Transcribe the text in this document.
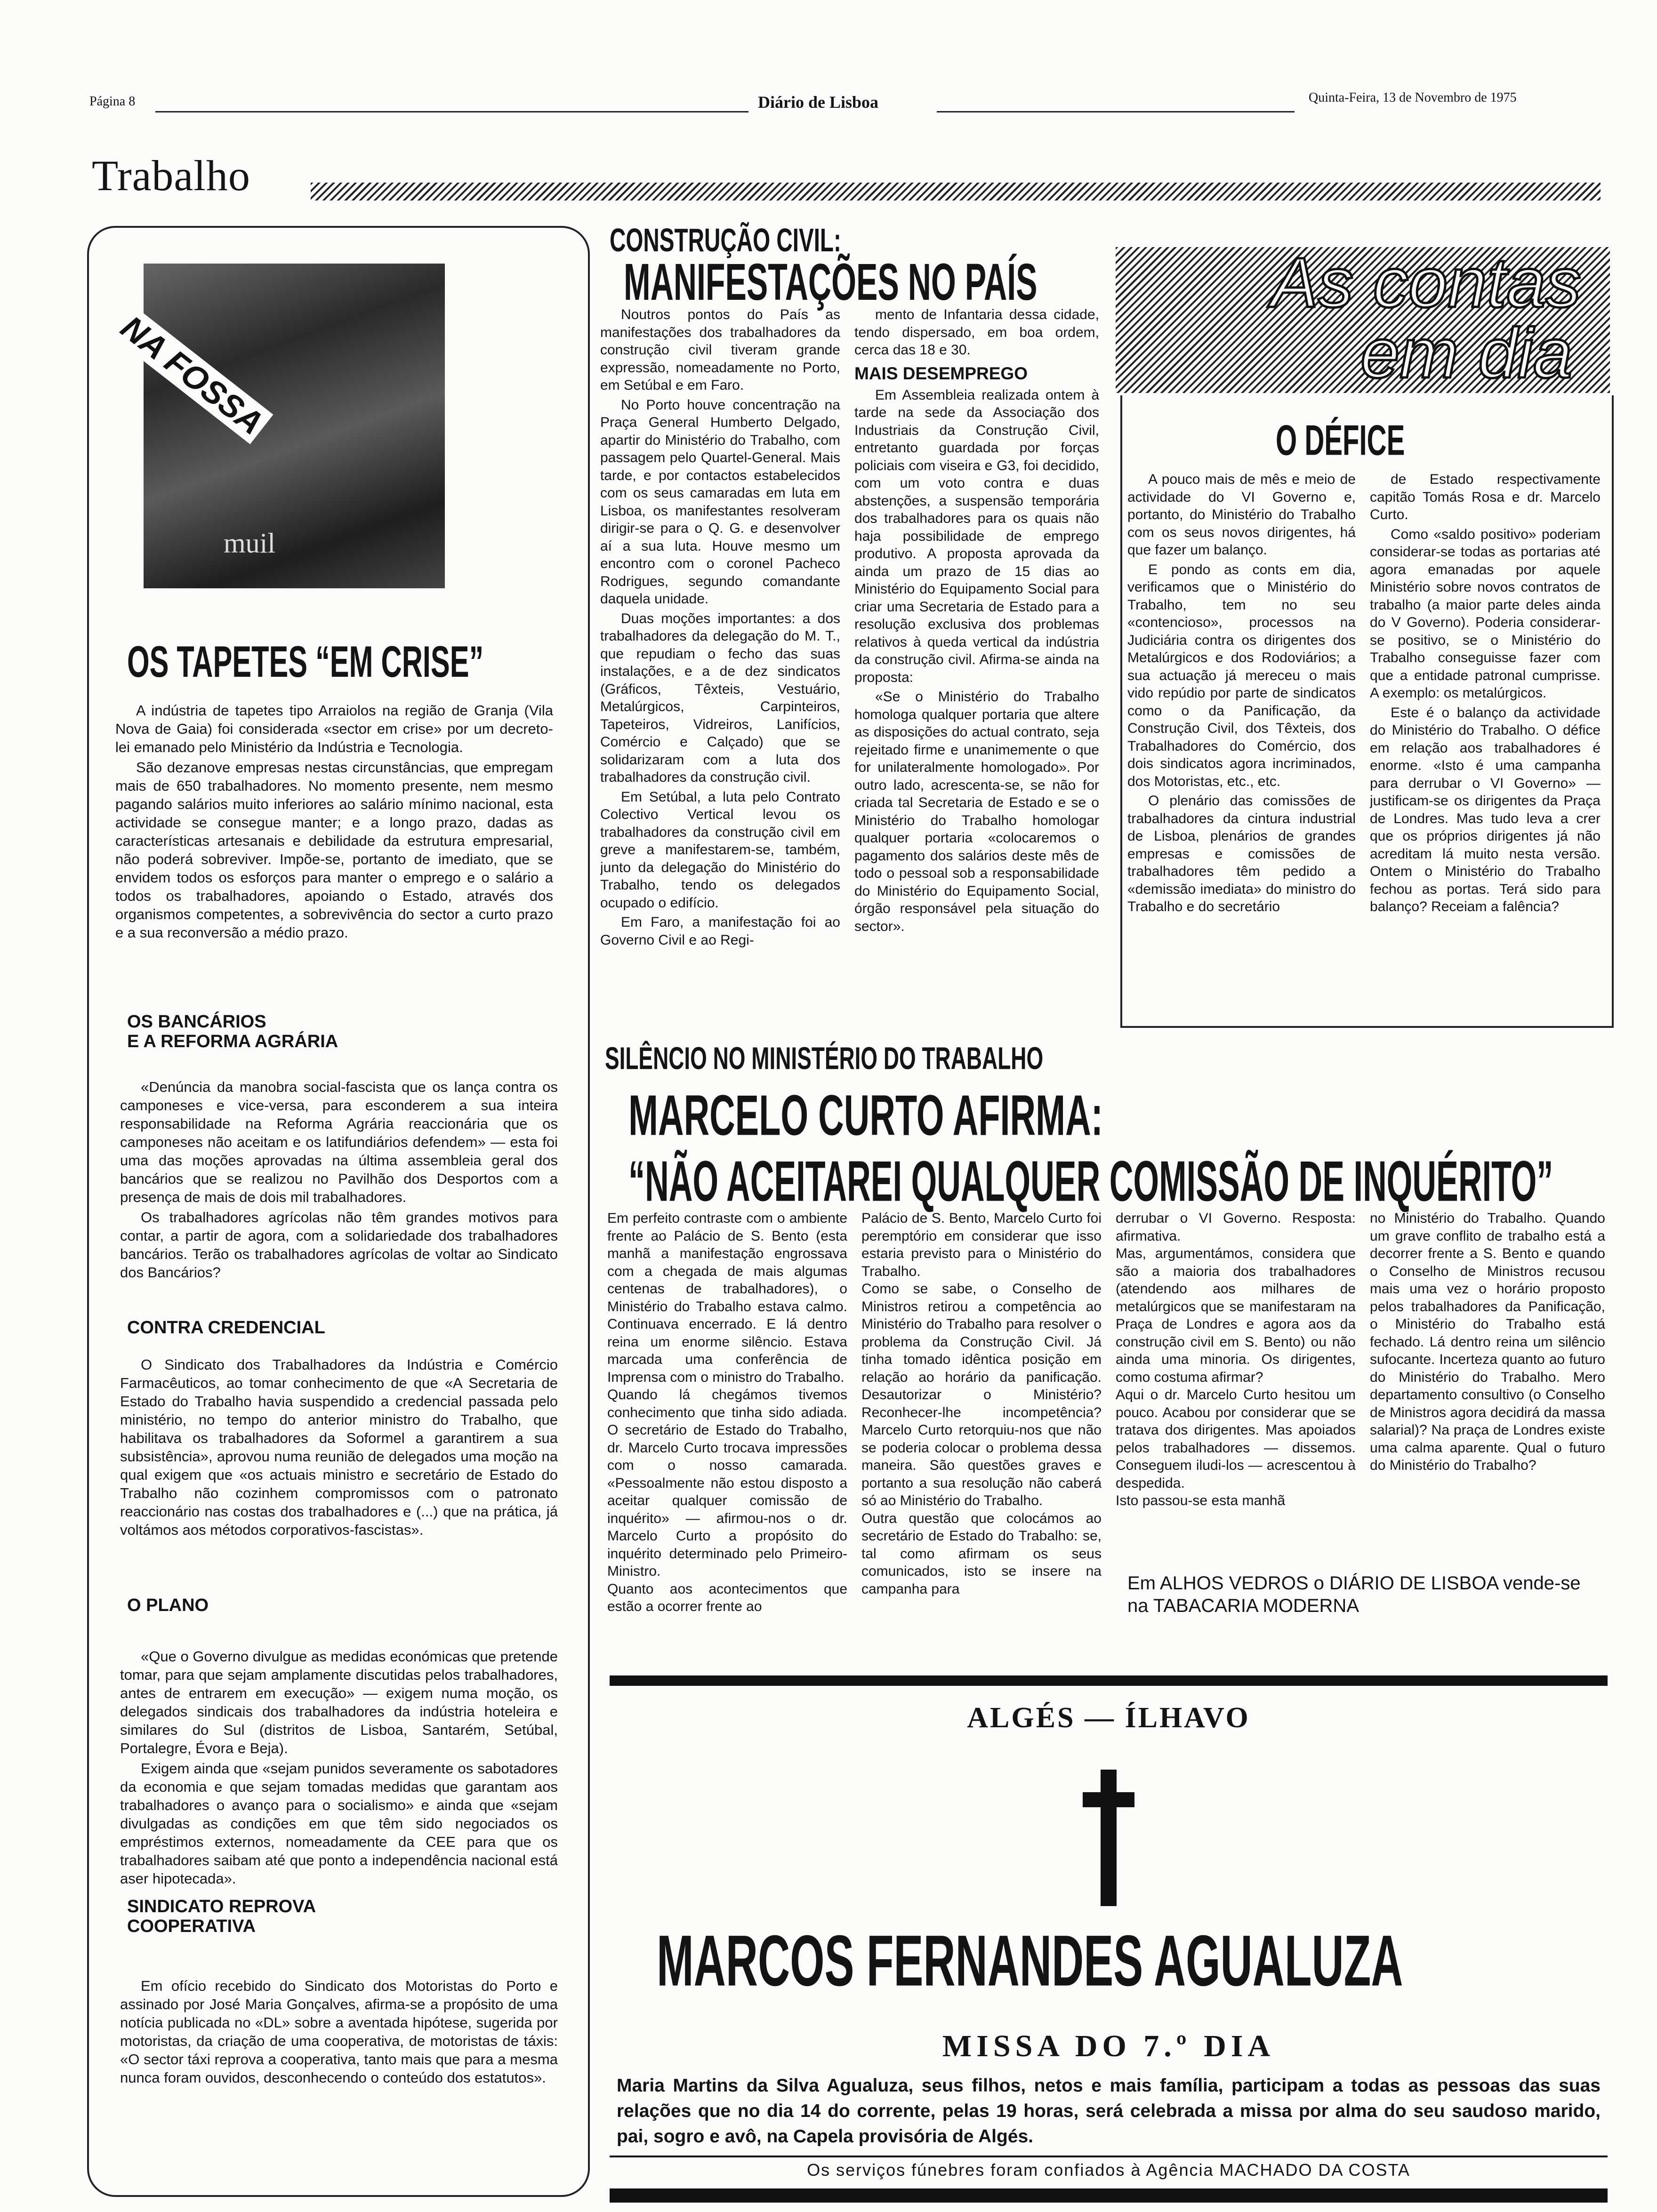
Página 8	Diário de Lisboa	Quinta-Feira, 13 de Novembro de 1975
Trabalho
NA FOSSA
muil
OS TAPETES “EM CRISE”

A indústria de tapetes tipo Arraiolos na região de Granja (Vila Nova de Gaia) foi considerada «sector em crise» por um decreto-lei emanado pelo Ministério da Indústria e Tecnologia.

São dezanove empresas nestas circunstâncias, que empregam mais de 650 trabalhadores. No momento presente, nem mesmo pagando salários muito inferiores ao salário mínimo nacional, esta actividade se consegue manter; e a longo prazo, dadas as características artesanais e debilidade da estrutura empresarial, não poderá sobreviver. Impõe-se, portanto de imediato, que se envidem todos os esforços para manter o emprego e o salário a todos os trabalhadores, apoiando o Estado, através dos organismos competentes, a sobrevivência do sector a curto prazo e a sua reconversão a médio prazo.

OS BANCÁRIOS
E A REFORMA AGRÁRIA

«Denúncia da manobra social-fascista que os lança contra os camponeses e vice-versa, para esconderem a sua inteira responsabilidade na Reforma Agrária reaccionária que os camponeses não aceitam e os latifundiários defendem» — esta foi uma das moções aprovadas na última assembleia geral dos bancários que se realizou no Pavilhão dos Desportos com a presença de mais de dois mil trabalhadores.

Os trabalhadores agrícolas não têm grandes motivos para contar, a partir de agora, com a solidariedade dos trabalhadores bancários. Terão os trabalhadores agrícolas de voltar ao Sindicato dos Bancários?

CONTRA CREDENCIAL

O Sindicato dos Trabalhadores da Indústria e Comércio Farmacêuticos, ao tomar conhecimento de que «A Secretaria de Estado do Trabalho havia suspendido a credencial passada pelo ministério, no tempo do anterior ministro do Trabalho, que habilitava os trabalhadores da Soformel a garantirem a sua subsistência», aprovou numa reunião de delegados uma moção na qual exigem que «os actuais ministro e secretário de Estado do Trabalho não cozinhem compromissos com o patronato reaccionário nas costas dos trabalhadores e (...) que na prática, já voltámos aos métodos corporativos-fascistas».

O PLANO

«Que o Governo divulgue as medidas económicas que pretende tomar, para que sejam amplamente discutidas pelos trabalhadores, antes de entrarem em execução» — exigem numa moção, os delegados sindicais dos trabalhadores da indústria hoteleira e similares do Sul (distritos de Lisboa, Santarém, Setúbal, Portalegre, Évora e Beja).

Exigem ainda que «sejam punidos severamente os sabotadores da economia e que sejam tomadas medidas que garantam aos trabalhadores o avanço para o socialismo» e ainda que «sejam divulgadas as condições em que têm sido negociados os empréstimos externos, nomeadamente da CEE para que os trabalhadores saibam até que ponto a independência nacional está aser hipotecada».

SINDICATO REPROVA
COOPERATIVA

Em ofício recebido do Sindicato dos Motoristas do Porto e assinado por José Maria Gonçalves, afirma-se a propósito de uma notícia publicada no «DL» sobre a aventada hipótese, sugerida por motoristas, da criação de uma cooperativa, de motoristas de táxis: «O sector táxi reprova a cooperativa, tanto mais que para a mesma nunca foram ouvidos, desconhecendo o conteúdo dos estatutos».

CONSTRUÇÃO CIVIL:
MANIFESTAÇÕES NO PAÍS

Noutros pontos do País as manifestações dos trabalhadores da construção civil tiveram grande expressão, nomeadamente no Porto, em Setúbal e em Faro.

No Porto houve concentração na Praça General Humberto Delgado, apartir do Ministério do Trabalho, com passagem pelo Quartel-General. Mais tarde, e por contactos estabelecidos com os seus camaradas em luta em Lisboa, os manifestantes resolveram dirigir-se para o Q. G. e desenvolver aí a sua luta. Houve mesmo um encontro com o coronel Pacheco Rodrigues, segundo comandante daquela unidade.

Duas moções importantes: a dos trabalhadores da delegação do M. T., que repudiam o fecho das suas instalações, e a de dez sindicatos (Gráficos, Têxteis, Vestuário, Metalúrgicos, Carpinteiros, Tapeteiros, Vidreiros, Lanifícios, Comércio e Calçado) que se solidarizaram com a luta dos trabalhadores da construção civil.

Em Setúbal, a luta pelo Contrato Colectivo Vertical levou os trabalhadores da construção civil em greve a manifestarem-se, também, junto da delegação do Ministério do Trabalho, tendo os delegados ocupado o edifício.

Em Faro, a manifestação foi ao Governo Civil e ao Regi-

mento de Infantaria dessa cidade, tendo dispersado, em boa ordem, cerca das 18 e 30.

MAIS DESEMPREGO

Em Assembleia realizada ontem à tarde na sede da Associação dos Industriais da Construção Civil, entretanto guardada por forças policiais com viseira e G3, foi decidido, com um voto contra e duas abstenções, a suspensão temporária dos trabalhadores para os quais não haja possibilidade de emprego produtivo. A proposta aprovada da ainda um prazo de 15 dias ao Ministério do Equipamento Social para criar uma Secretaria de Estado para a resolução exclusiva dos problemas relativos à queda vertical da indústria da construção civil. Afirma-se ainda na proposta:

«Se o Ministério do Trabalho homologa qualquer portaria que altere as disposições do actual contrato, seja rejeitado firme e unanimemente o que for unilateralmente homologado». Por outro lado, acrescenta-se, se não for criada tal Secretaria de Estado e se o Ministério do Trabalho homologar qualquer portaria «colocaremos o pagamento dos salários deste mês de todo o pessoal sob a responsabilidade do Ministério do Equipamento Social, órgão responsável pela situação do sector».

As contas
em dia
O DÉFICE

A pouco mais de mês e meio de actividade do VI Governo e, portanto, do Ministério do Trabalho com os seus novos dirigentes, há que fazer um balanço.

E pondo as conts em dia, verificamos que o Ministério do Trabalho, tem no seu «contencioso», processos na Judiciária contra os dirigentes dos Metalúrgicos e dos Rodoviários; a sua actuação já mereceu o mais vido repúdio por parte de sindicatos como o da Panificação, da Construção Civil, dos Têxteis, dos Trabalhadores do Comércio, dos dois sindicatos agora incriminados, dos Motoristas, etc., etc.

O plenário das comissões de trabalhadores da cintura industrial de Lisboa, plenários de grandes empresas e comissões de trabalhadores têm pedido a «demissão imediata» do ministro do Trabalho e do secretário

de Estado respectivamente capitão Tomás Rosa e dr. Marcelo Curto.

Como «saldo positivo» poderiam considerar-se todas as portarias até agora emanadas por aquele Ministério sobre novos contratos de trabalho (a maior parte deles ainda do V Governo). Poderia considerar-se positivo, se o Ministério do Trabalho conseguisse fazer com que a entidade patronal cumprisse. A exemplo: os metalúrgicos.

Este é o balanço da actividade do Ministério do Trabalho. O défice em relação aos trabalhadores é enorme. «Isto é uma campanha para derrubar o VI Governo» — justificam-se os dirigentes da Praça de Londres. Mas tudo leva a crer que os próprios dirigentes já não acreditam lá muito nesta versão. Ontem o Ministério do Trabalho fechou as portas. Terá sido para balanço? Receiam a falência?

SILÊNCIO NO MINISTÉRIO DO TRABALHO
MARCELO CURTO AFIRMA:
“NÃO ACEITAREI QUALQUER COMISSÃO DE INQUÉRITO”
Em perfeito contraste com o ambiente frente ao Palácio de S. Bento (esta manhã a manifestação engrossava com a chegada de mais algumas centenas de trabalhadores), o Ministério do Trabalho estava calmo. Continuava encerrado. E lá dentro reina um enorme silêncio. Estava marcada uma conferência de Imprensa com o ministro do Trabalho.
Quando lá chegámos tivemos conhecimento que tinha sido adiada. O secretário de Estado do Trabalho, dr. Marcelo Curto trocava impressões com o nosso camarada. «Pessoalmente não estou disposto a aceitar qualquer comissão de inquérito» — afirmou-nos o dr. Marcelo Curto a propósito do inquérito determinado pelo Primeiro-Ministro.
Quanto aos acontecimentos que estão a ocorrer frente ao
Palácio de S. Bento, Marcelo Curto foi peremptório em considerar que isso estaria previsto para o Ministério do Trabalho.
Como se sabe, o Conselho de Ministros retirou a competência ao Ministério do Trabalho para resolver o problema da Construção Civil. Já tinha tomado idêntica posição em relação ao horário da panificação. Desautorizar o Ministério? Reconhecer-lhe incompetência? Marcelo Curto retorquiu-nos que não se poderia colocar o problema dessa maneira. São questões graves e portanto a sua resolução não caberá só ao Ministério do Trabalho.
Outra questão que colocámos ao secretário de Estado do Trabalho: se, tal como afirmam os seus comunicados, isto se insere na campanha para
derrubar o VI Governo. Resposta: afirmativa.
Mas, argumentámos, considera que são a maioria dos trabalhadores (atendendo aos milhares de metalúrgicos que se manifestaram na Praça de Londres e agora aos da construção civil em S. Bento) ou não ainda uma minoria. Os dirigentes, como costuma afirmar?
Aqui o dr. Marcelo Curto hesitou um pouco. Acabou por considerar que se tratava dos dirigentes. Mas apoiados pelos trabalhadores — dissemos. Conseguem iludi-los — acrescentou à despedida.
Isto passou-se esta manhã
no Ministério do Trabalho. Quando um grave conflito de trabalho está a decorrer frente a S. Bento e quando o Conselho de Ministros recusou mais uma vez o horário proposto pelos trabalhadores da Panificação, o Ministério do Trabalho está fechado. Lá dentro reina um silêncio sufocante. Incerteza quanto ao futuro do Ministério do Trabalho. Mero departamento consultivo (o Conselho de Ministros agora decidirá da massa salarial)? Na praça de Londres existe uma calma aparente. Qual o futuro do Ministério do Trabalho?
Em ALHOS VEDROS o DIÁRIO DE LISBOA vende-se
na TABACARIA MODERNA
ALGÉS — ÍLHAVO
MARCOS FERNANDES AGUALUZA
MISSA DO 7.º DIA
Maria Martins da Silva Agualuza, seus filhos, netos e mais família, participam a todas as pessoas das suas relações que no dia 14 do corrente, pelas 19 horas, será celebrada a missa por alma do seu saudoso marido, pai, sogro e avô, na Capela provisória de Algés.
Os serviços fúnebres foram confiados à Agência MACHADO DA COSTA
